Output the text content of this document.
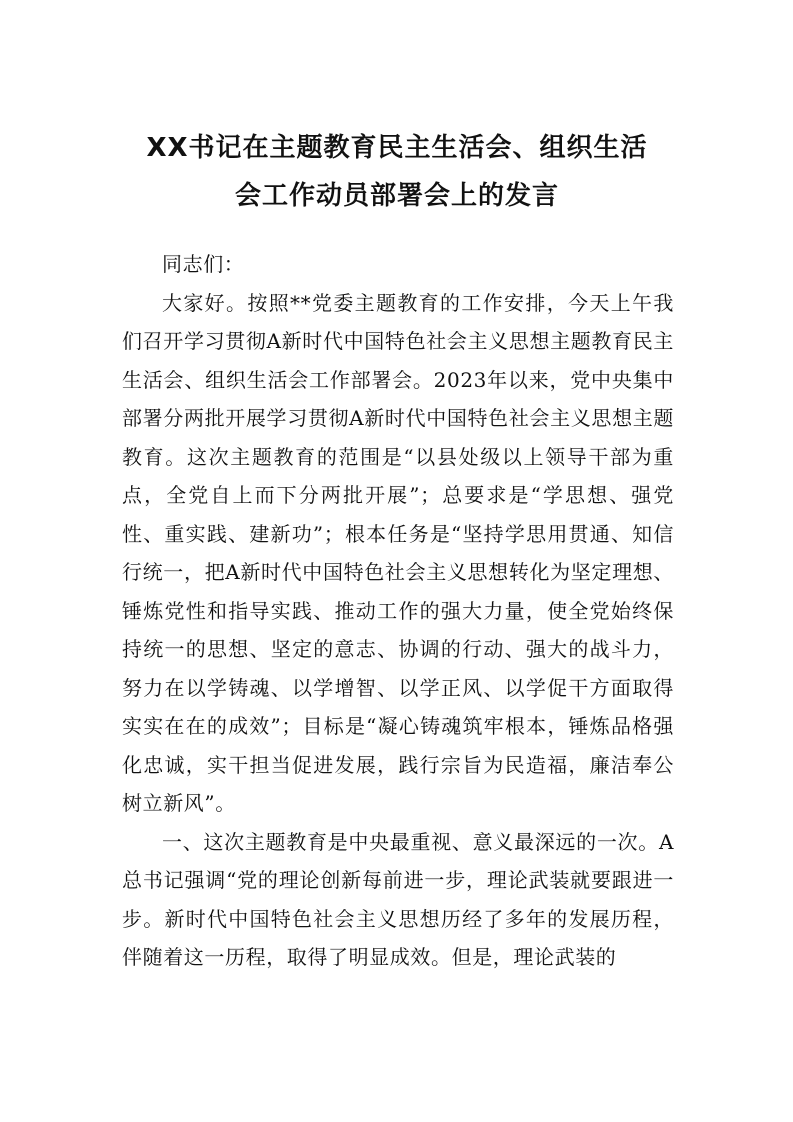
XX书记在主题教育民主生活会、组织生活
会工作动员部署会上的发言

同志们：

大家好。按照**党委主题教育的工作安排，今天上午我们召开学习贯彻A新时代中国特色社会主义思想主题教育民主生活会、组织生活会工作部署会。2023年以来，党中央集中部署分两批开展学习贯彻A新时代中国特色社会主义思想主题教育。这次主题教育的范围是“以县处级以上领导干部为重点，全党自上而下分两批开展”；总要求是“学思想、强党性、重实践、建新功”；根本任务是“坚持学思用贯通、知信行统一，把A新时代中国特色社会主义思想转化为坚定理想、锤炼党性和指导实践、推动工作的强大力量，使全党始终保持统一的思想、坚定的意志、协调的行动、强大的战斗力，努力在以学铸魂、以学增智、以学正风、以学促干方面取得实实在在的成效”；目标是“凝心铸魂筑牢根本，锤炼品格强化忠诚，实干担当促进发展，践行宗旨为民造福，廉洁奉公树立新风”。

一、这次主题教育是中央最重视、意义最深远的一次。A总书记强调“党的理论创新每前进一步，理论武装就要跟进一步。新时代中国特色社会主义思想历经了多年的发展历程，伴随着这一历程，取得了明显成效。但是，理论武装的
